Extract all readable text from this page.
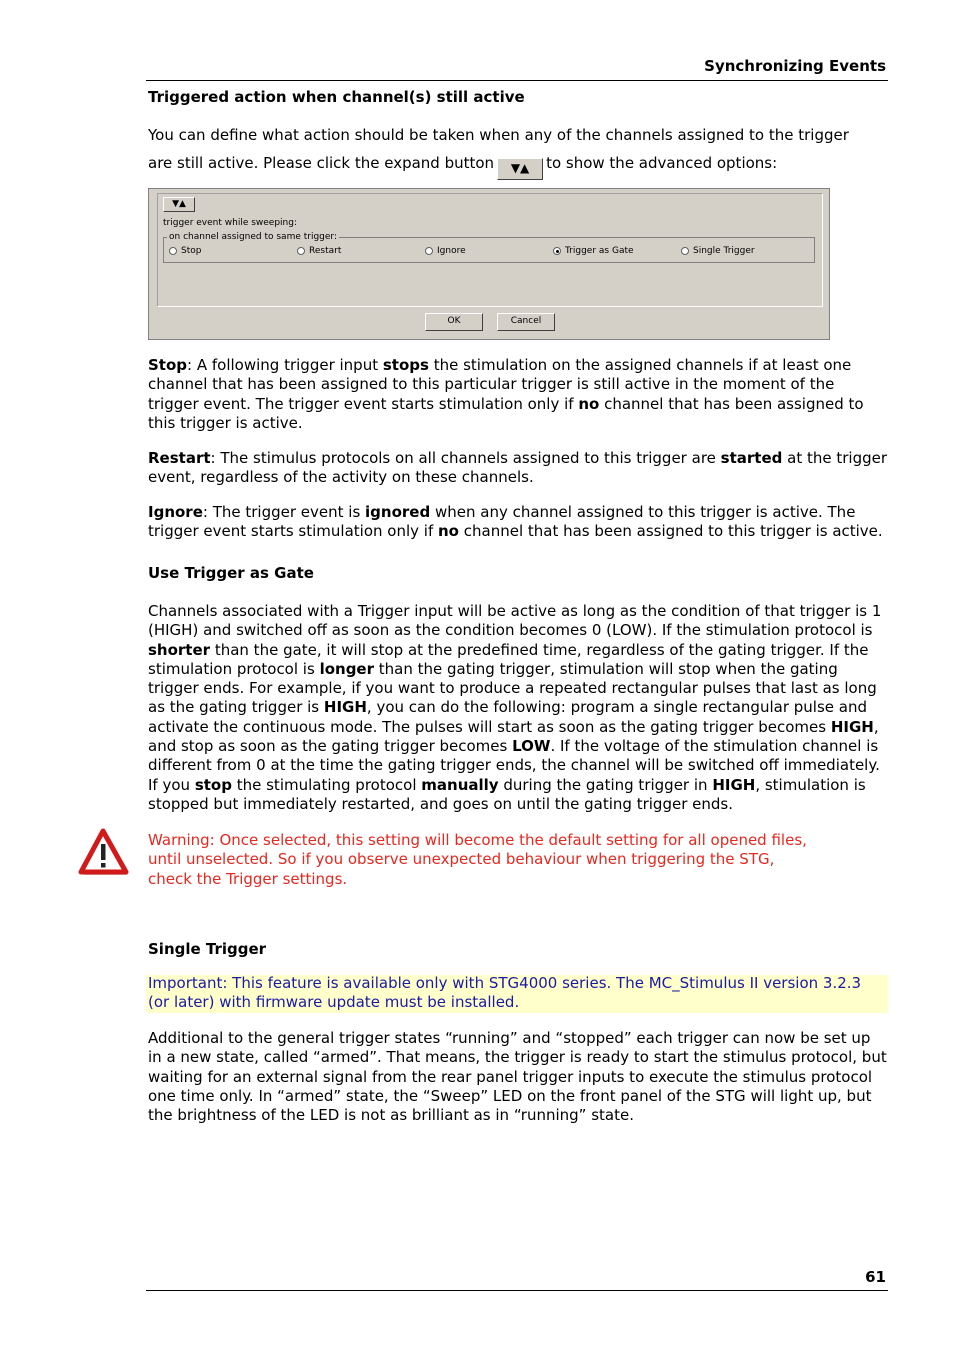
Synchronizing Events
Triggered action when channel(s) still active
You can define what action should be taken when any of the channels assigned to the trigger
are still active. Please click the expand button ▼▲ to show the advanced options:
▼▲
trigger event while sweeping:
on channel assigned to same trigger:
Stop	Restart	Ignore	Trigger as Gate	Single Trigger
OK	Cancel
Stop: A following trigger input stops the stimulation on the assigned channels if at least one channel that has been assigned to this particular trigger is still active in the moment of the trigger event. The trigger event starts stimulation only if no channel that has been assigned to this trigger is active.
Restart: The stimulus protocols on all channels assigned to this trigger are started at the trigger event, regardless of the activity on these channels.
Ignore: The trigger event is ignored when any channel assigned to this trigger is active. The trigger event starts stimulation only if no channel that has been assigned to this trigger is active.
Use Trigger as Gate
Channels associated with a Trigger input will be active as long as the condition of that trigger is 1 (HIGH) and switched off as soon as the condition becomes 0 (LOW). If the stimulation protocol is shorter than the gate, it will stop at the predefined time, regardless of the gating trigger. If the stimulation protocol is longer than the gating trigger, stimulation will stop when the gating trigger ends. For example, if you want to produce a repeated rectangular pulses that last as long as the gating trigger is HIGH, you can do the following: program a single rectangular pulse and activate the continuous mode. The pulses will start as soon as the gating trigger becomes HIGH, and stop as soon as the gating trigger becomes LOW. If the voltage of the stimulation channel is different from 0 at the time the gating trigger ends, the channel will be switched off immediately. If you stop the stimulating protocol manually during the gating trigger in HIGH, stimulation is stopped but immediately restarted, and goes on until the gating trigger ends.
Warning: Once selected, this setting will become the default setting for all opened files,
until unselected. So if you observe unexpected behaviour when triggering the STG,
check the Trigger settings.
Single Trigger
Important: This feature is available only with STG4000 series. The MC_Stimulus II version 3.2.3
(or later) with firmware update must be installed.
Additional to the general trigger states “running” and “stopped” each trigger can now be set up in a new state, called “armed”. That means, the trigger is ready to start the stimulus protocol, but waiting for an external signal from the rear panel trigger inputs to execute the stimulus protocol one time only. In “armed” state, the “Sweep” LED on the front panel of the STG will light up, but the brightness of the LED is not as brilliant as in “running” state.
61
